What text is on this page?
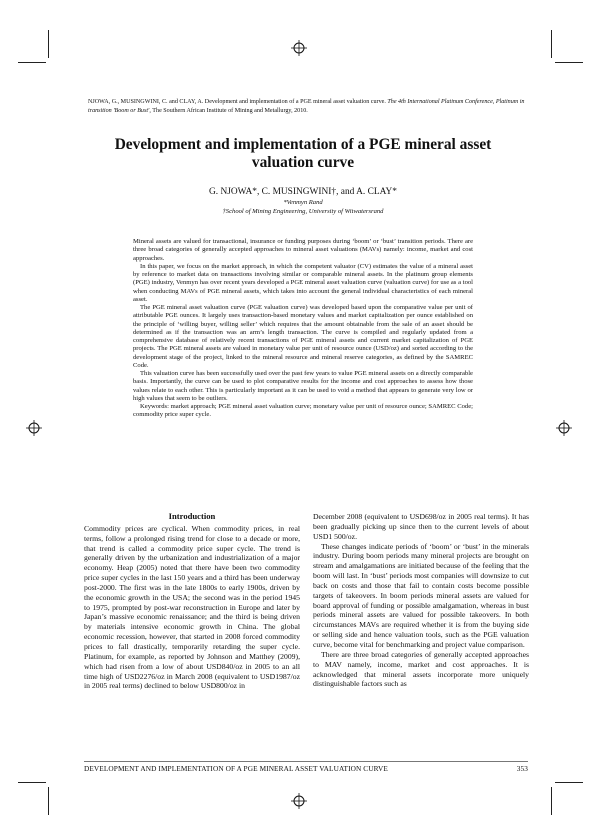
NJOWA, G., MUSINGWINI, C. and CLAY, A. Development and implementation of a PGE mineral asset valuation curve. The 4th International Platinum Conference, Platinum in transition 'Boom or Bust', The Southern African Institute of Mining and Metallurgy, 2010.
Development and implementation of a PGE mineral asset
valuation curve
G. NJOWA*, C. MUSINGWINI†, and A. CLAY*
*Venmyn Rand
†School of Mining Engineering, University of Witwatersrand

Mineral assets are valued for transactional, insurance or funding purposes during ‘boom’ or ‘bust’ transition periods. There are three broad categories of generally accepted approaches to mineral asset valuations (MAVs) namely: income, market and cost approaches.

In this paper, we focus on the market approach, in which the competent valuator (CV) estimates the value of a mineral asset by reference to market data on transactions involving similar or comparable mineral assets. In the platinum group elements (PGE) industry, Venmyn has over recent years developed a PGE mineral asset valuation curve (valuation curve) for use as a tool when conducting MAVs of PGE mineral assets, which takes into account the general individual characteristics of each mineral asset.

The PGE mineral asset valuation curve (PGE valuation curve) was developed based upon the comparative value per unit of attributable PGE ounces. It largely uses transaction-based monetary values and market capitalization per ounce established on the principle of ‘willing buyer, willing seller’ which requires that the amount obtainable from the sale of an asset should be determined as if the transaction was an arm’s length transaction. The curve is compiled and regularly updated from a comprehensive database of relatively recent transactions of PGE mineral assets and current market capitalization of PGE projects. The PGE mineral assets are valued in monetary value per unit of resource ounce (USD/oz) and sorted according to the development stage of the project, linked to the mineral resource and mineral reserve categories, as defined by the SAMREC Code.

This valuation curve has been successfully used over the past few years to value PGE mineral assets on a directly comparable basis. Importantly, the curve can be used to plot comparative results for the income and cost approaches to assess how those values relate to each other. This is particularly important as it can be used to void a method that appears to generate very low or high values that seem to be outliers.

Keywords: market approach; PGE mineral asset valuation curve; monetary value per unit of resource ounce; SAMREC Code; commodity price super cycle.

Introduction

Commodity prices are cyclical. When commodity prices, in real terms, follow a prolonged rising trend for close to a decade or more, that trend is called a commodity price super cycle. The trend is generally driven by the urbanization and industrialization of a major economy. Heap (2005) noted that there have been two commodity price super cycles in the last 150 years and a third has been underway post-2000. The first was in the late 1800s to early 1900s, driven by the economic growth in the USA; the second was in the period 1945 to 1975, prompted by post-war reconstruction in Europe and later by Japan’s massive economic renaissance; and the third is being driven by materials intensive economic growth in China. The global economic recession, however, that started in 2008 forced commodity prices to fall drastically, temporarily retarding the super cycle. Platinum, for example, as reported by Johnson and Matthey (2009), which had risen from a low of about USD840/oz in 2005 to an all time high of USD2276/oz in March 2008 (equivalent to USD1987/oz in 2005 real terms) declined to below USD800/oz in

December 2008 (equivalent to USD698/oz in 2005 real terms). It has been gradually picking up since then to the current levels of about USD1 500/oz.

These changes indicate periods of ‘boom’ or ‘bust’ in the minerals industry. During boom periods many mineral projects are brought on stream and amalgamations are initiated because of the feeling that the boom will last. In ‘bust’ periods most companies will downsize to cut back on costs and those that fail to contain costs become possible targets of takeovers. In boom periods mineral assets are valued for board approval of funding or possible amalgamation, whereas in bust periods mineral assets are valued for possible takeovers. In both circumstances MAVs are required whether it is from the buying side or selling side and hence valuation tools, such as the PGE valuation curve, become vital for benchmarking and project value comparison.

There are three broad categories of generally accepted approaches to MAV namely, income, market and cost approaches. It is acknowledged that mineral assets incorporate more uniquely distinguishable factors such as

DEVELOPMENT AND IMPLEMENTATION OF A PGE MINERAL ASSET VALUATION CURVE	353
